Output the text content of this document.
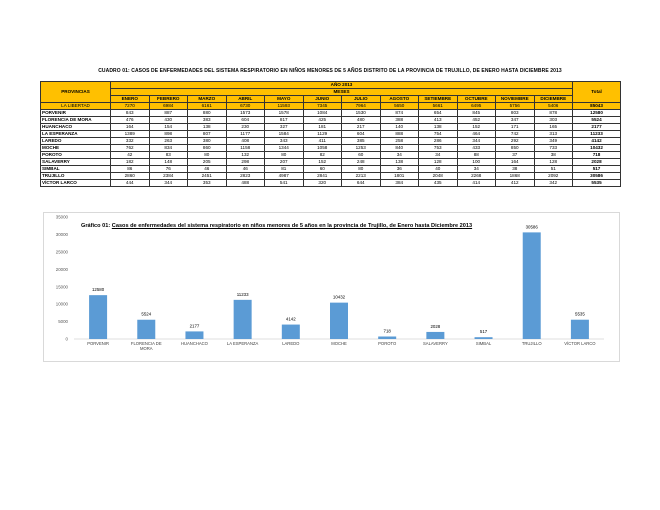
CUADRO 01: CASOS DE ENFERMEDADES DEL SISTEMA RESPIRATORIO EN NIÑOS MENORES DE 5 AÑOS DISTRITO DE LA PROVINCIA DE TRUJILLO, DE ENERO HASTA DICIEMBRE 2013
PROVINCIAS	AÑO 2013												Total
	MESES												
	ENERO	FEBRERO	MARZO	ABRIL	MAYO	JUNIO	JULIO	AGOSTO	SETIEMBRE	OCTUBRE	NOVIEMBRE	DICIEMBRE	
LA LIBERTAD	7270	6984	6161	6730	11593	7345	7964	5650	5661	6495	5756	5406	85043
PORVENIR	843	887	880	1573	1578	1084	1530	874	654	845	803	878	12580
FLORENCIA DE MORA	476	430	383	604	817	425	480	388	413	452	347	303	5524
HUANCHACO	164	154	138	230	327	181	217	140	138	152	171	165	2177
LA ESPERANZA	1389	898	807	1177	1584	1129	604	888	754	464	742	313	11233
LAREDO	332	263	380	408	343	411	385	258	286	344	292	349	4142
MOCHE	762	834	860	1158	1344	1058	1253	840	753	433	850	733	10432
POROTO	42	83	80	132	80	82	60	34	34	88	37	38	718
SALAVERRY	182	148	205	298	207	152	248	138	128	100	164	128	2028
SIMBAL	86	76	46	46	81	60	80	36	40	34	38	51	517
TRUJILLO	2860	2384	2451	2823	4987	2841	2213	1801	2048	2268	1868	2092	30586
VÍCTOR LARCO	444	344	353	488	541	320	644	384	435	414	412	342	5535
Gráfico 01: Casos de enfermedades del sistema respiratorio en niños menores de 5 años en la provincia de Trujillo, de Enero hasta Diciembre 2013
0
5000
10000
15000
20000
25000
30000
35000
12580
PORVENIR
5524
FLORENCIA DE
MORA
2177
HUANCHACO
11233
LA ESPERANZA
4142
LAREDO
10432
MOCHE
718
POROTO
2028
SALAVERRY
517
SIMBAL
30586
TRUJILLO
5535
VÍCTOR LARCO
